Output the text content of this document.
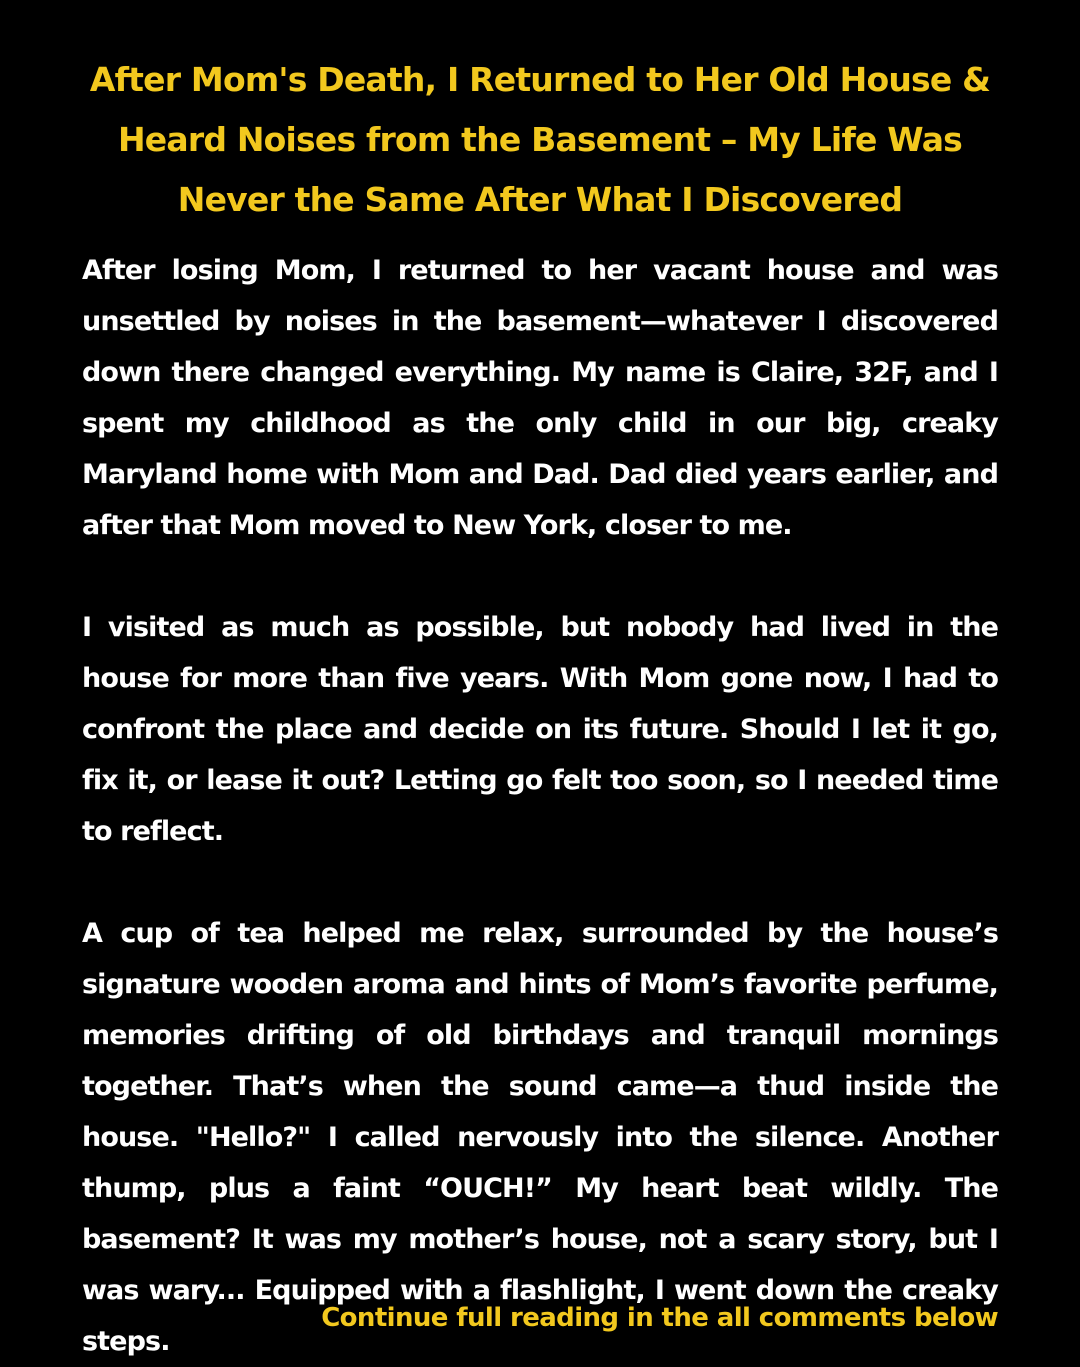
After Mom's Death, I Returned to Her Old House & Heard Noises from the Basement – My Life Was Never the Same After What I Discovered

After losing Mom, I returned to her vacant house and was unsettled by noises in the basement—whatever I discovered down there changed everything. My name is Claire, 32F, and I spent my childhood as the only child in our big, creaky Maryland home with Mom and Dad. Dad died years earlier, and after that Mom moved to New York, closer to me.

I visited as much as possible, but nobody had lived in the house for more than five years. With Mom gone now, I had to confront the place and decide on its future. Should I let it go, fix it, or lease it out? Letting go felt too soon, so I needed time to reflect.

A cup of tea helped me relax, surrounded by the house’s signature wooden aroma and hints of Mom’s favorite perfume, memories drifting of old birthdays and tranquil mornings together. That’s when the sound came—a thud inside the house. "Hello?" I called nervously into the silence. Another thump, plus a faint “OUCH!” My heart beat wildly. The basement? It was my mother’s house, not a scary story, but I was wary... Equipped with a flashlight, I went down the creaky steps.

Continue full reading in the all comments below
